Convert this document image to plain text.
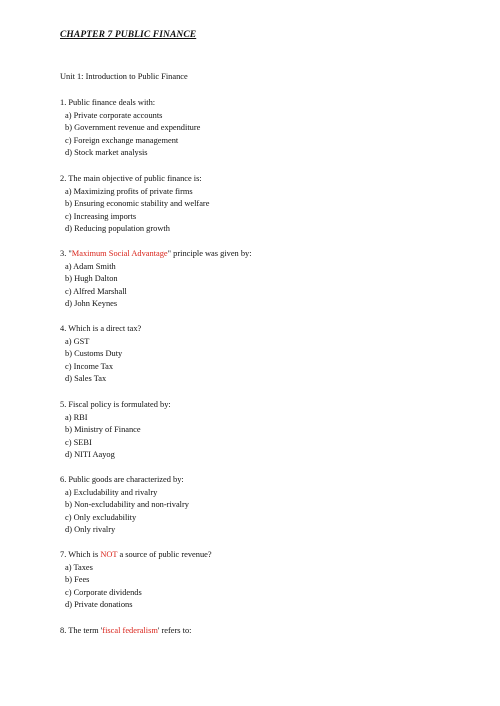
CHAPTER 7 PUBLIC FINANCE
Unit 1: Introduction to Public Finance
1. Public finance deals with:
a) Private corporate accounts
b) Government revenue and expenditure
c) Foreign exchange management
d) Stock market analysis
2. The main objective of public finance is:
a) Maximizing profits of private firms
b) Ensuring economic stability and welfare
c) Increasing imports
d) Reducing population growth
3. "Maximum Social Advantage" principle was given by:
a) Adam Smith
b) Hugh Dalton
c) Alfred Marshall
d) John Keynes
4. Which is a direct tax?
a) GST
b) Customs Duty
c) Income Tax
d) Sales Tax
5. Fiscal policy is formulated by:
a) RBI
b) Ministry of Finance
c) SEBI
d) NITI Aayog
6. Public goods are characterized by:
a) Excludability and rivalry
b) Non-excludability and non-rivalry
c) Only excludability
d) Only rivalry
7. Which is NOT a source of public revenue?
a) Taxes
b) Fees
c) Corporate dividends
d) Private donations
8. The term 'fiscal federalism' refers to:
